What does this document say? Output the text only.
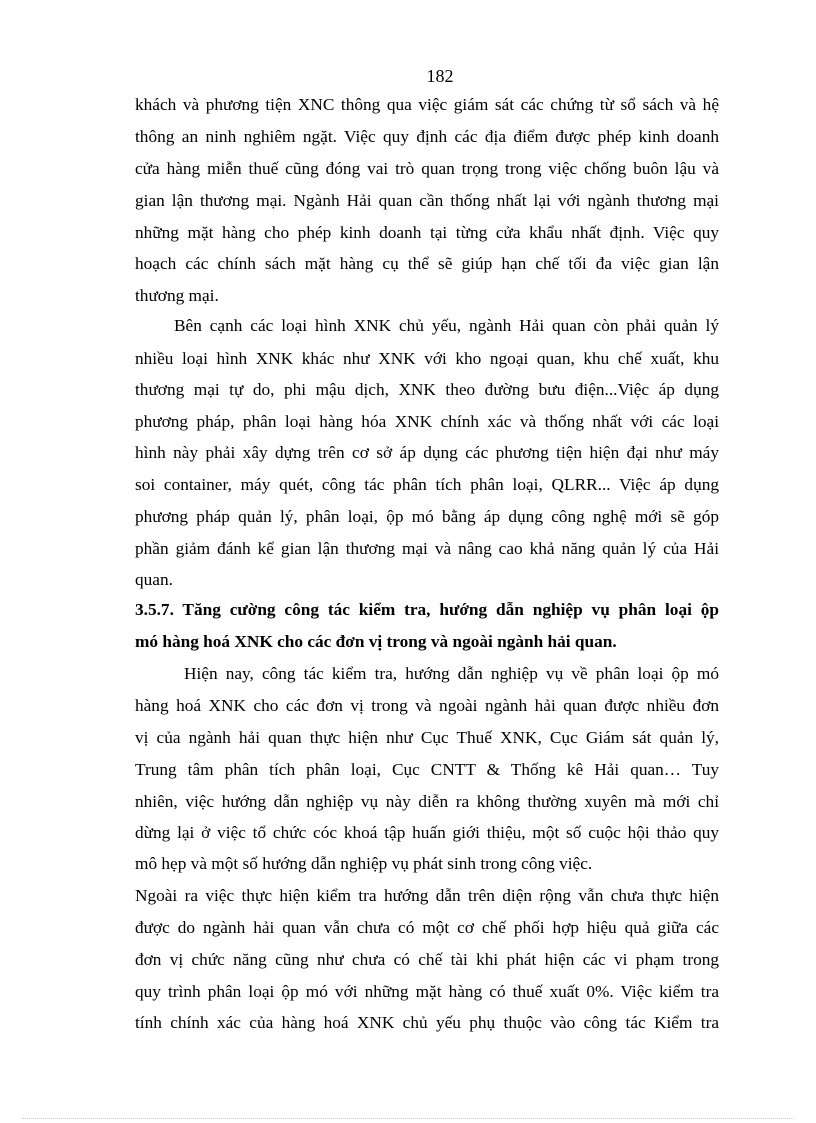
182
khách và phương tiện XNC thông qua việc giám sát các chứng từ sổ sách và hệ
thông an ninh nghiêm ngặt. Việc quy định các địa điểm được phép kinh doanh
cửa hàng miễn thuế cũng đóng vai trò quan trọng trong việc chống buôn lậu và
gian lận thương mại. Ngành Hải quan cần thống nhất lại với ngành thương mại
những mặt hàng cho phép kinh doanh tại từng cửa khẩu nhất định. Việc quy
hoạch các chính sách mặt hàng cụ thể sẽ giúp hạn chế tối đa việc gian lận
thương mại.
Bên cạnh các loại hình XNK chủ yếu, ngành Hải quan còn phải quản lý
nhiều loại hình XNK khác như XNK với kho ngoại quan, khu chế xuất, khu
thương mại tự do, phi mậu dịch, XNK theo đường bưu điện...Việc áp dụng
phương pháp, phân loại hàng hóa XNK chính xác và thống nhất với các loại
hình này phải xây dựng trên cơ sở áp dụng các phương tiện hiện đại như máy
soi container, máy quét, công tác phân tích phân loại, QLRR... Việc áp dụng
phương pháp quản lý, phân loại, ộp mó bằng áp dụng công nghệ mới sẽ góp
phần giảm đánh kể gian lận thương mại và nâng cao khả năng quản lý của Hải
quan.
3.5.7. Tăng cường công tác kiểm tra, hướng dẫn nghiệp vụ phân loại ộp
mó hàng hoá XNK cho các đơn vị trong và ngoài ngành hải quan.
Hiện nay, công tác kiểm tra, hướng dẫn nghiệp vụ về phân loại ộp mó
hàng hoá XNK cho các đơn vị trong và ngoài ngành hải quan được nhiều đơn
vị của ngành hải quan thực hiện như Cục Thuế XNK, Cục Giám sát quản lý,
Trung tâm phân tích phân loại, Cục CNTT & Thống kê Hải quan… Tuy
nhiên, việc hướng dẫn nghiệp vụ này diễn ra không thường xuyên mà mới chỉ
dừng lại ở việc tổ chức cóc khoá tập huấn giới thiệu, một số cuộc hội thảo quy
mô hẹp và một số hướng dẫn nghiệp vụ phát sinh trong công việc.
Ngoài ra việc thực hiện kiểm tra hướng dẫn trên diện rộng vẫn chưa thực hiện
được do ngành hải quan vẫn chưa có một cơ chế phối hợp hiệu quả giữa các
đơn vị chức năng cũng như chưa có chế tài khi phát hiện các vi phạm trong
quy trình phân loại ộp mó với những mặt hàng có thuế xuất 0%. Việc kiểm tra
tính chính xác của hàng hoá XNK chủ yếu phụ thuộc vào công tác Kiểm tra
